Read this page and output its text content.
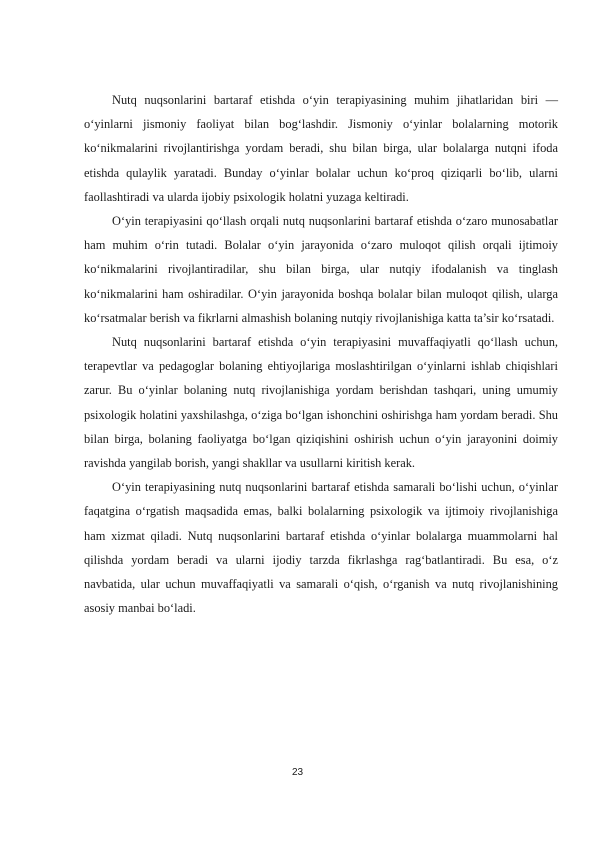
Nutq nuqsonlarini bartaraf etishda o‘yin terapiyasining muhim jihatlaridan biri — o‘yinlarni jismoniy faoliyat bilan bog‘lashdir. Jismoniy o‘yinlar bolalarning motorik ko‘nikmalarini rivojlantirishga yordam beradi, shu bilan birga, ular bolalarga nutqni ifoda etishda qulaylik yaratadi. Bunday o‘yinlar bolalar uchun ko‘proq qiziqarli bo‘lib, ularni faollashtiradi va ularda ijobiy psixologik holatni yuzaga keltiradi.

O‘yin terapiyasini qo‘llash orqali nutq nuqsonlarini bartaraf etishda o‘zaro munosabatlar ham muhim o‘rin tutadi. Bolalar o‘yin jarayonida o‘zaro muloqot qilish orqali ijtimoiy ko‘nikmalarini rivojlantiradilar, shu bilan birga, ular nutqiy ifodalanish va tinglash ko‘nikmalarini ham oshiradilar. O‘yin jarayonida boshqa bolalar bilan muloqot qilish, ularga ko‘rsatmalar berish va fikrlarni almashish bolaning nutqiy rivojlanishiga katta ta’sir ko‘rsatadi.

Nutq nuqsonlarini bartaraf etishda o‘yin terapiyasini muvaffaqiyatli qo‘llash uchun, terapevtlar va pedagoglar bolaning ehtiyojlariga moslashtirilgan o‘yinlarni ishlab chiqishlari zarur. Bu o‘yinlar bolaning nutq rivojlanishiga yordam berishdan tashqari, uning umumiy psixologik holatini yaxshilashga, o‘ziga bo‘lgan ishonchini oshirishga ham yordam beradi. Shu bilan birga, bolaning faoliyatga bo‘lgan qiziqishini oshirish uchun o‘yin jarayonini doimiy ravishda yangilab borish, yangi shakllar va usullarni kiritish kerak.

O‘yin terapiyasining nutq nuqsonlarini bartaraf etishda samarali bo‘lishi uchun, o‘yinlar faqatgina o‘rgatish maqsadida emas, balki bolalarning psixologik va ijtimoiy rivojlanishiga ham xizmat qiladi. Nutq nuqsonlarini bartaraf etishda o‘yinlar bolalarga muammolarni hal qilishda yordam beradi va ularni ijodiy tarzda fikrlashga rag‘batlantiradi. Bu esa, o‘z navbatida, ular uchun muvaffaqiyatli va samarali o‘qish, o‘rganish va nutq rivojlanishining asosiy manbai bo‘ladi.

23
